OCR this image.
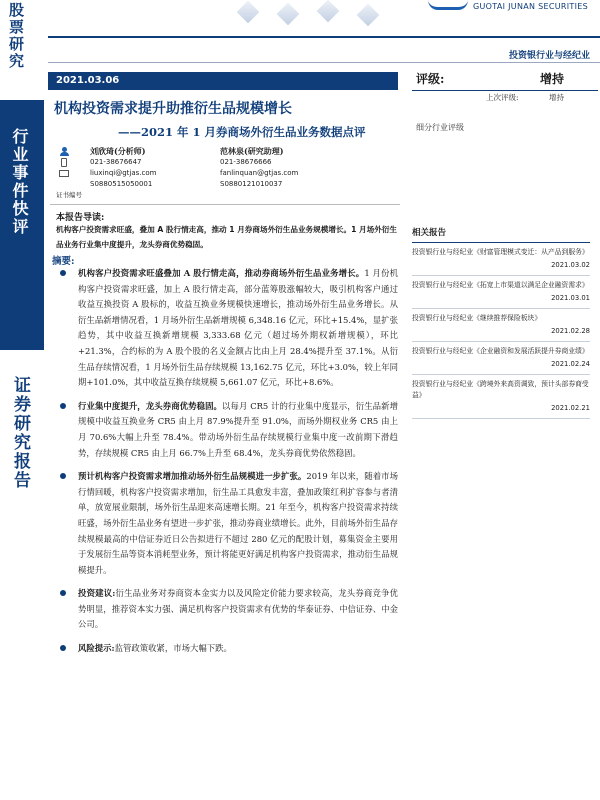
股票研究
行业事件快评
证券研究报告
GUOTAI JUNAN SECURITIES
投资银行业与经纪业
2021.03.06
机构投资需求提升助推衍生品规模增长
——2021 年 1 月券商场外衍生品业务数据点评
评级:	增持
上次评级:	增持
细分行业评级
证书编号
刘欣琦(分析师)
021-38676647
liuxinqi@gtjas.com
S0880515050001
范林泉(研究助理)
021-38676666
fanlinquan@gtjas.com
S0880121010037
本报告导读:
机构客户投资需求旺盛，叠加 A 股行情走高，推动 1 月券商场外衍生品业务规模增长。1 月场外衍生品业务行业集中度提升，龙头券商优势稳固。
摘要:
机构客户投资需求旺盛叠加 A 股行情走高，推动券商场外衍生品业务增长。1 月份机构客户投资需求旺盛，加上 A 股行情走高，部分蓝筹股涨幅较大，吸引机构客户通过收益互换投资 A 股标的，收益互换业务规模快速增长，推动场外衍生品业务增长。从衍生品新增情况看，1 月场外衍生品新增规模 6,348.16 亿元，环比+15.4%，显扩张趋势，其中收益互换新增规模 3,333.68 亿元（超过场外期权新增规模），环比+21.3%，合约标的为 A 股个股的名义金额占比由上月 28.4%提升至 37.1%。从衍生品存续情况看，1 月场外衍生品存续规模 13,162.75 亿元，环比+3.0%，较上年同期+101.0%，其中收益互换存续规模 5,661.07 亿元，环比+8.6%。
行业集中度提升，龙头券商优势稳固。以每月 CR5 计的行业集中度显示，衍生品新增规模中收益互换业务 CR5 由上月 87.9%提升至 91.0%，而场外期权业务 CR5 由上月 70.6%大幅上升至 78.4%。带动场外衍生品存续规模行业集中度一改前期下滑趋势，存续规模 CR5 由上月 66.7%上升至 68.4%，龙头券商优势依然稳固。
预计机构客户投资需求增加推动场外衍生品规模进一步扩张。2019 年以来，随着市场行情回暖，机构客户投资需求增加，衍生品工具愈发丰富，叠加政策红利扩容参与者清单，放宽展业限制，场外衍生品迎来高速增长期。21 年至今，机构客户投资需求持续旺盛，场外衍生品业务有望进一步扩张，推动券商业绩增长。此外，目前场外衍生品存续规模最高的中信证券近日公告拟进行不超过 280 亿元的配股计划，募集资金主要用于发展衍生品等资本消耗型业务，预计将能更好满足机构客户投资需求，推动衍生品规模提升。
投资建议:衍生品业务对券商资本金实力以及风险定价能力要求较高，龙头券商竞争优势明显，推荐资本实力强、满足机构客户投资需求有优势的华泰证券、中信证券、中金公司。
风险提示:监管政策收紧，市场大幅下跌。
相关报告
投资银行业与经纪业《财富管理模式变迁：从产品到服务》
2021.03.02
投资银行业与经纪业《拓宽上市渠道以满足企业融资需求》
2021.03.01
投资银行业与经纪业《继续推荐保险板块》
2021.02.28
投资银行业与经纪业《企业融资和发展活跃提升券商业绩》
2021.02.24
投资银行业与经纪业《跨境外来高资调致，预计头部券商受益》
2021.02.21
